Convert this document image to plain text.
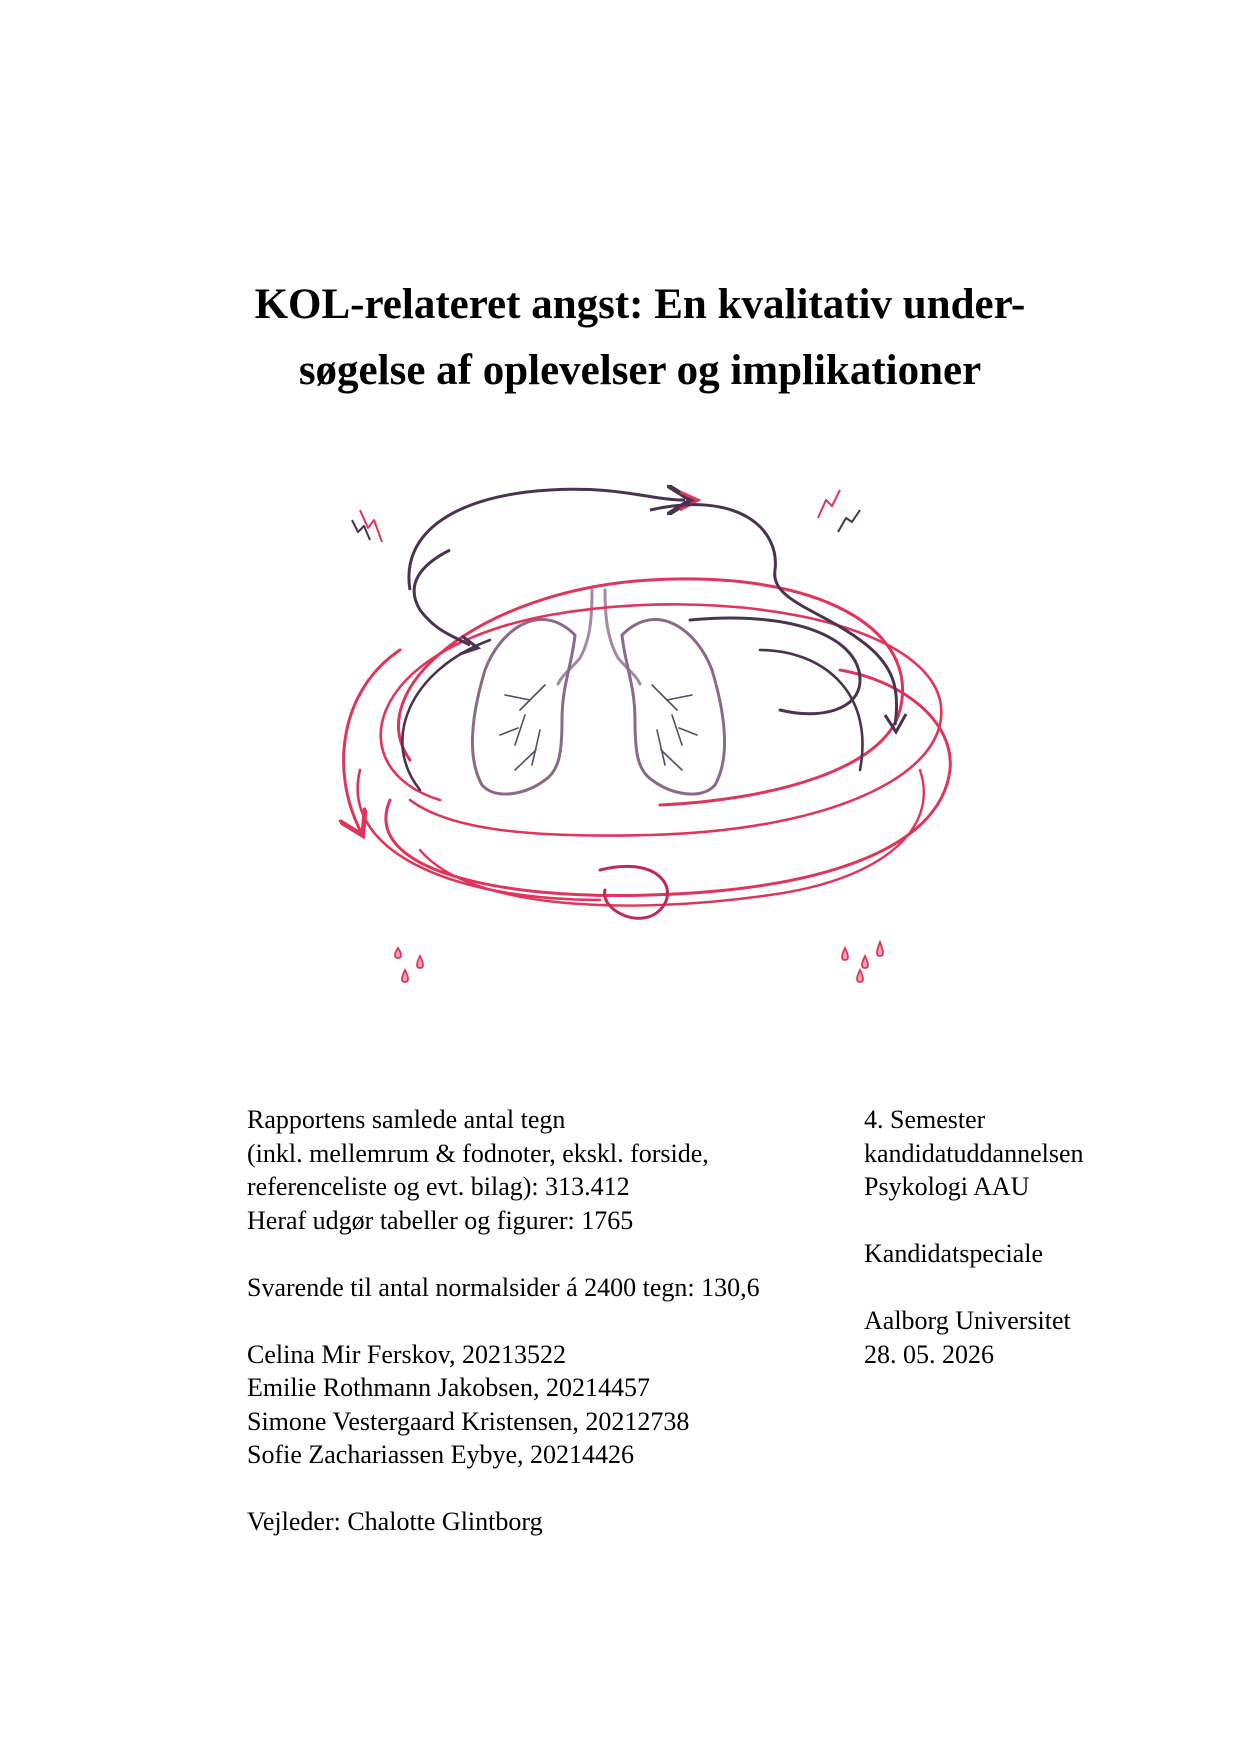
KOL-relateret angst: En kvalitativ under-
søgelse af oplevelser og implikationer
Rapportens samlede antal tegn
(inkl. mellemrum & fodnoter, ekskl. forside,
referenceliste og evt. bilag): 313.412
Heraf udgør tabeller og figurer: 1765
Svarende til antal normalsider á 2400 tegn: 130,6
Celina Mir Ferskov, 20213522
Emilie Rothmann Jakobsen, 20214457
Simone Vestergaard Kristensen, 20212738
Sofie Zachariassen Eybye, 20214426
Vejleder: Chalotte Glintborg
4. Semester
kandidatuddannelsen
Psykologi AAU
Kandidatspeciale
Aalborg Universitet
28. 05. 2026
